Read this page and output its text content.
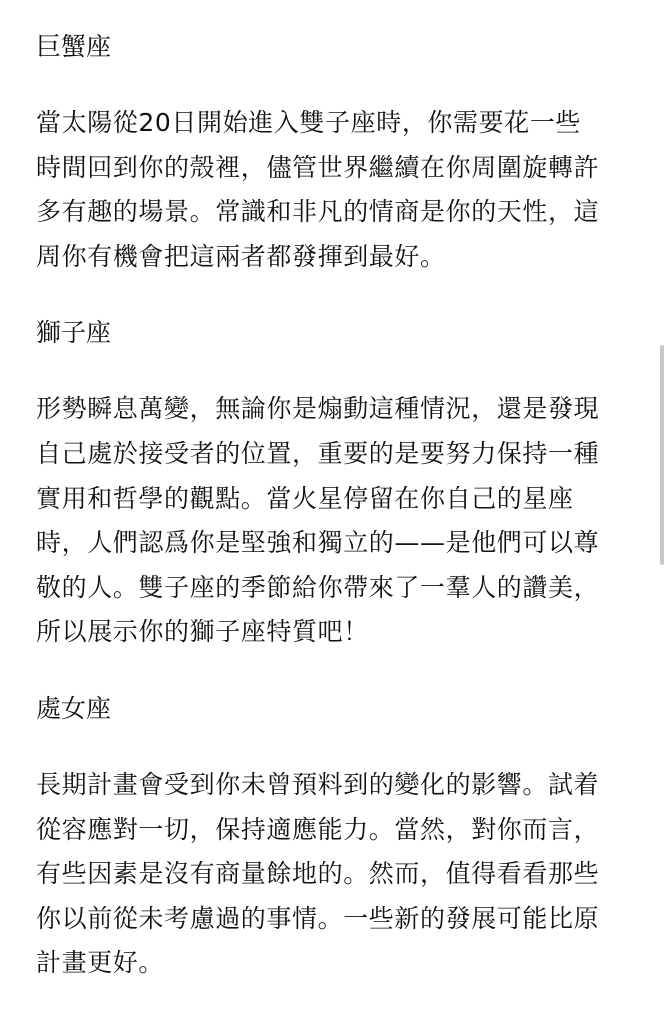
巨蟹座
當太陽從20日開始進入雙子座時，你需要花一些
時間回到你的殼裡，儘管世界繼續在你周圍旋轉許
多有趣的場景。常識和非凡的情商是你的天性，這
周你有機會把這兩者都發揮到最好。
獅子座
形勢瞬息萬變，無論你是煽動這種情況，還是發現
自己處於接受者的位置，重要的是要努力保持一種
實用和哲學的觀點。當火星停留在你自己的星座
時，人們認爲你是堅強和獨立的——是他們可以尊
敬的人。雙子座的季節給你帶來了一羣人的讚美，
所以展示你的獅子座特質吧！
處女座
長期計畫會受到你未曾預料到的變化的影響。試着
從容應對一切，保持適應能力。當然，對你而言，
有些因素是沒有商量餘地的。然而，值得看看那些
你以前從未考慮過的事情。一些新的發展可能比原
計畫更好。
